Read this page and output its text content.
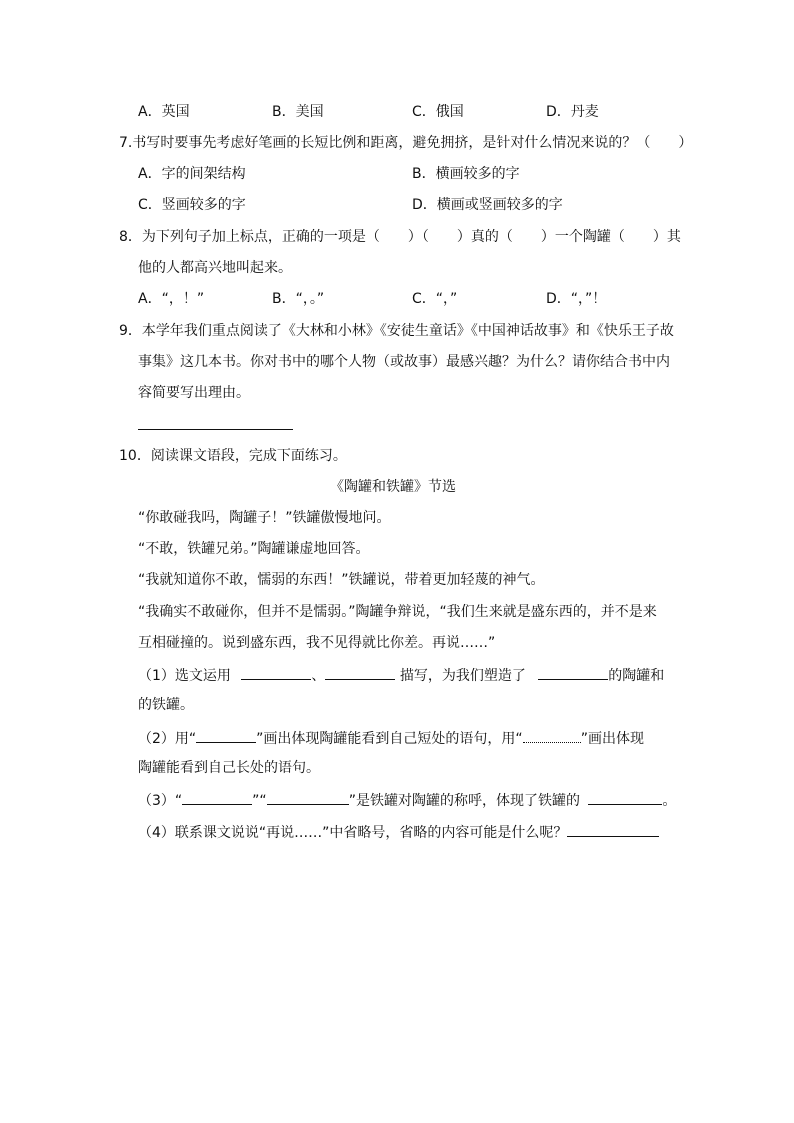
A．英国	B．美国	C．俄国	D．丹麦
7.书写时要事先考虑好笔画的长短比例和距离，避免拥挤，是针对什么情况来说的？（　　）
A．字的间架结构	B．横画较多的字
C．竖画较多的字	D．横画或竖画较多的字
8．为下列句子加上标点，正确的一项是（　　）（　　）真的（　　）一个陶罐（　　）其
他的人都高兴地叫起来。
A．“，！”	B．“，。”	C．“，”	D．“，”！
9．本学年我们重点阅读了《大林和小林》《安徒生童话》《中国神话故事》和《快乐王子故
事集》这几本书。你对书中的哪个人物（或故事）最感兴趣？为什么？请你结合书中内
容简要写出理由。
10．阅读课文语段，完成下面练习。
《陶罐和铁罐》节选
“你敢碰我吗，陶罐子！”铁罐傲慢地问。
“不敢，铁罐兄弟。”陶罐谦虚地回答。
“我就知道你不敢，懦弱的东西！”铁罐说，带着更加轻蔑的神气。
“我确实不敢碰你，但并不是懦弱。”陶罐争辩说，“我们生来就是盛东西的，并不是来
互相碰撞的。说到盛东西，我不见得就比你差。再说……”
（1）选文运用	、	描写，为我们塑造了	的陶罐和
的铁罐。
（2）用“	”画出体现陶罐能看到自己短处的语句，用“	”画出体现
陶罐能看到自己长处的语句。
（3）“	”“	”是铁罐对陶罐的称呼，体现了铁罐的	。
（4）联系课文说说“再说……”中省略号，省略的内容可能是什么呢？
